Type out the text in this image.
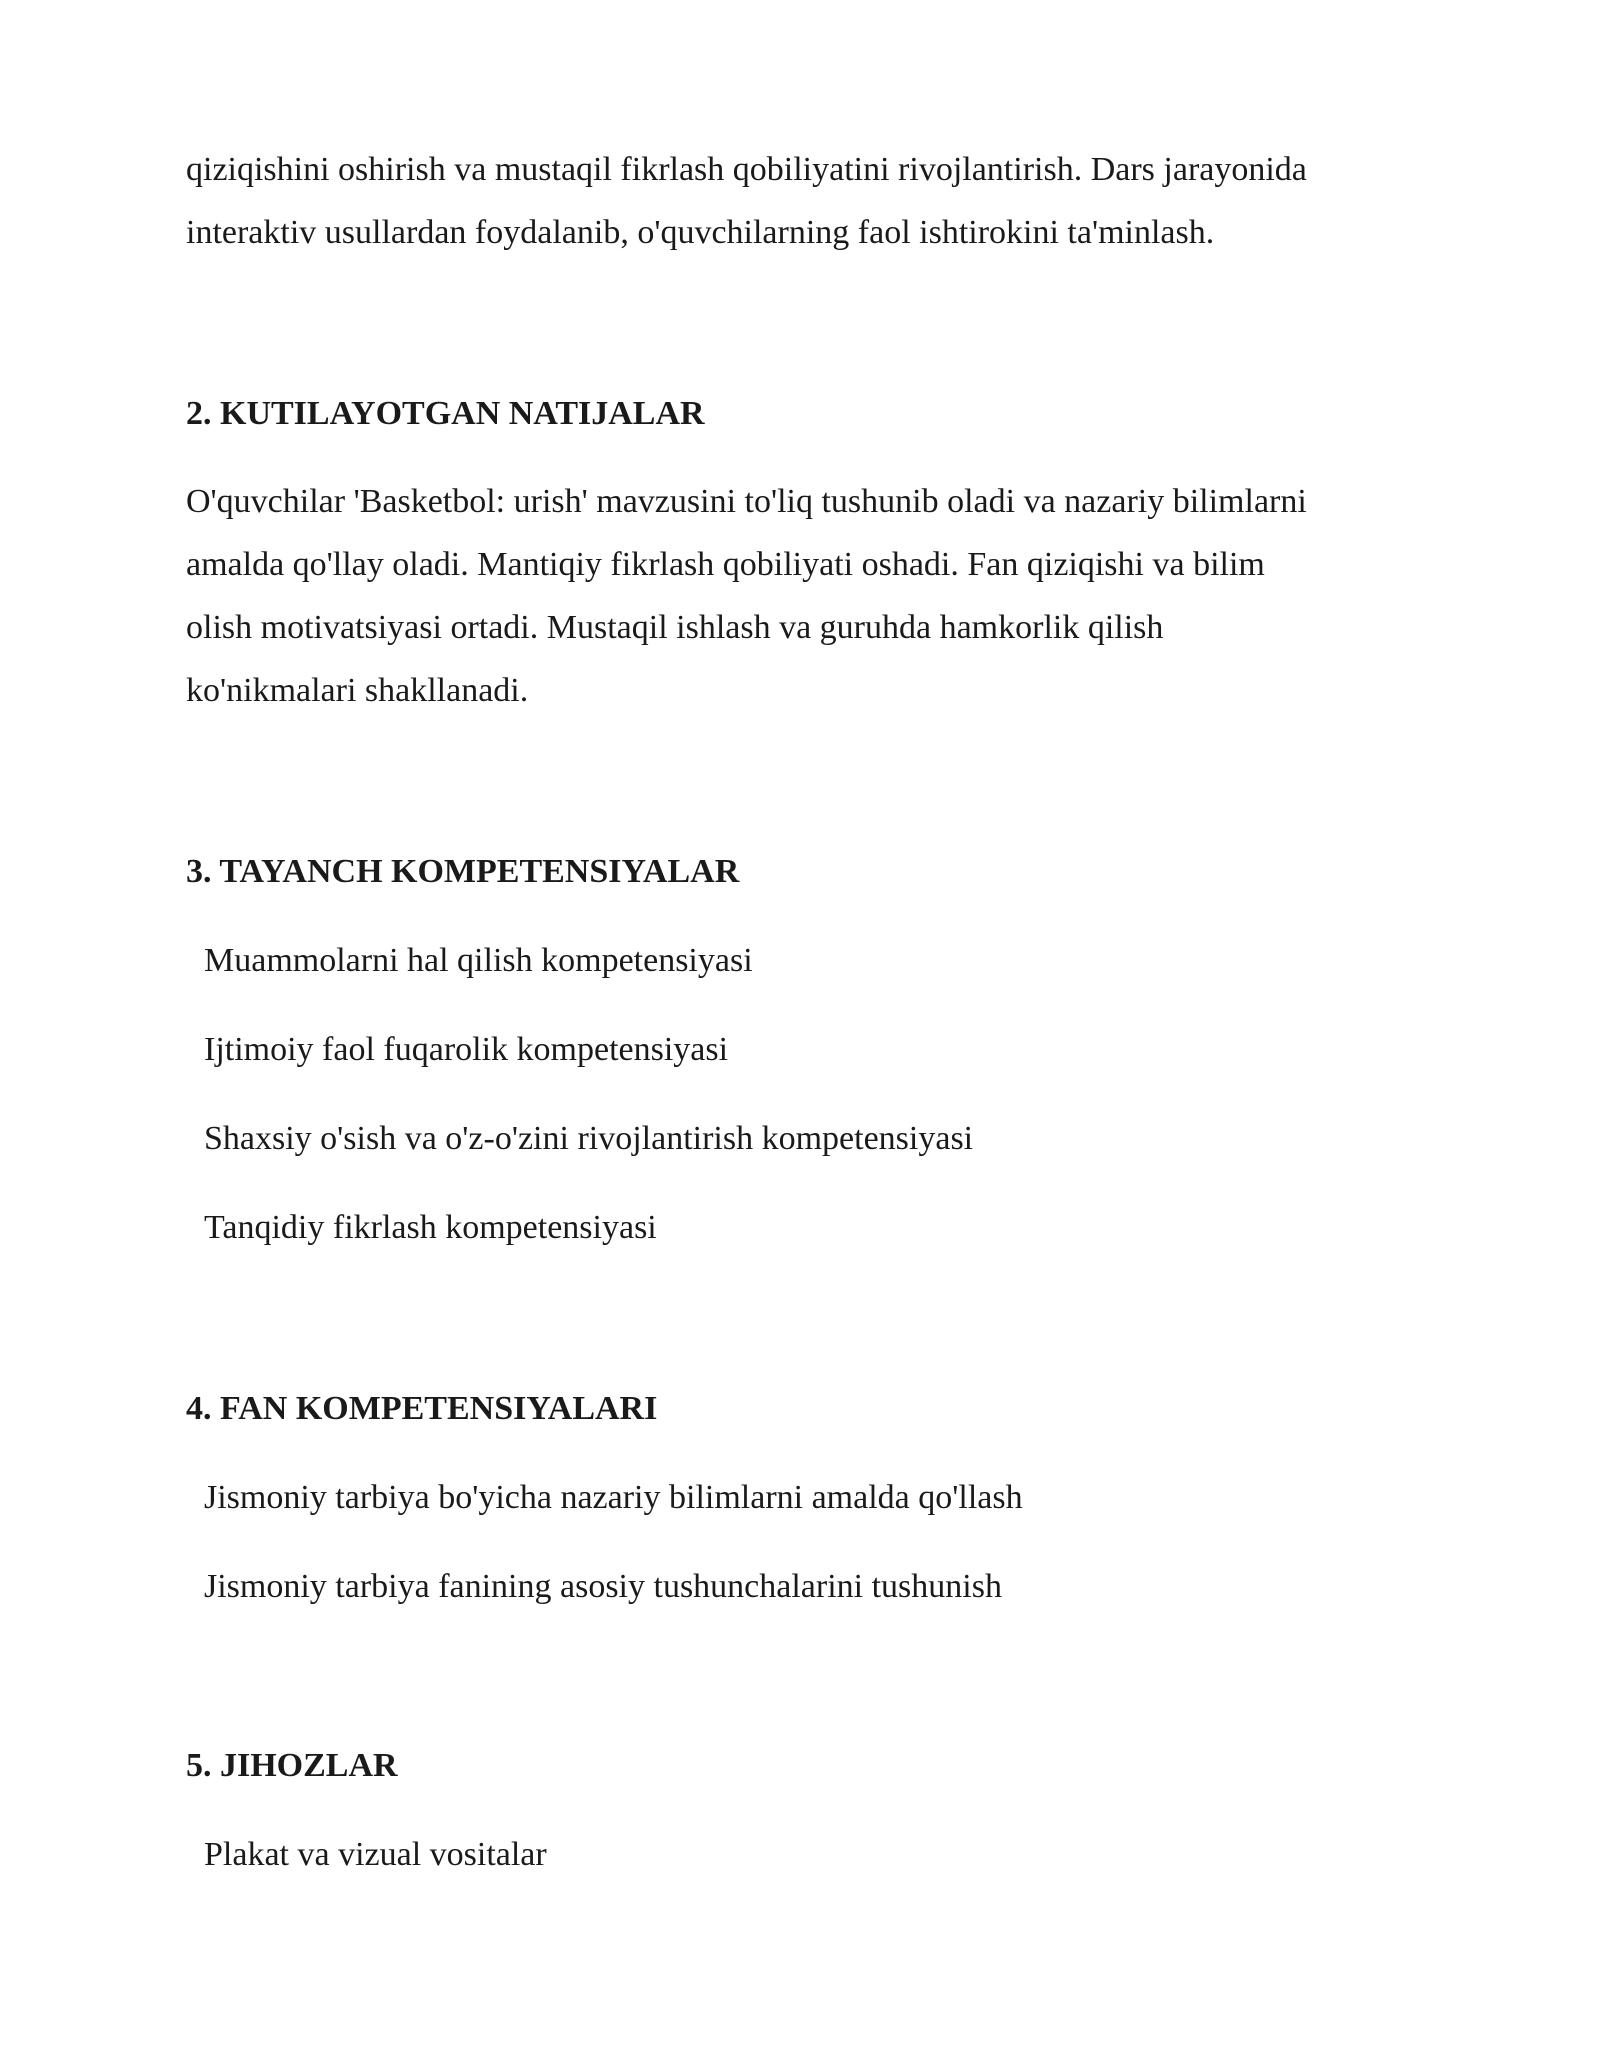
qiziqishini oshirish va mustaqil fikrlash qobiliyatini rivojlantirish. Dars jarayonida

interaktiv usullardan foydalanib, o'quvchilarning faol ishtirokini ta'minlash.

2. KUTILAYOTGAN NATIJALAR

O'quvchilar 'Basketbol: urish' mavzusini to'liq tushunib oladi va nazariy bilimlarni

amalda qo'llay oladi. Mantiqiy fikrlash qobiliyati oshadi. Fan qiziqishi va bilim

olish motivatsiyasi ortadi. Mustaqil ishlash va guruhda hamkorlik qilish

ko'nikmalari shakllanadi.

3. TAYANCH KOMPETENSIYALAR

Muammolarni hal qilish kompetensiyasi

Ijtimoiy faol fuqarolik kompetensiyasi

Shaxsiy o'sish va o'z-o'zini rivojlantirish kompetensiyasi

Tanqidiy fikrlash kompetensiyasi

4. FAN KOMPETENSIYALARI

Jismoniy tarbiya bo'yicha nazariy bilimlarni amalda qo'llash

Jismoniy tarbiya fanining asosiy tushunchalarini tushunish

5. JIHOZLAR

Plakat va vizual vositalar
